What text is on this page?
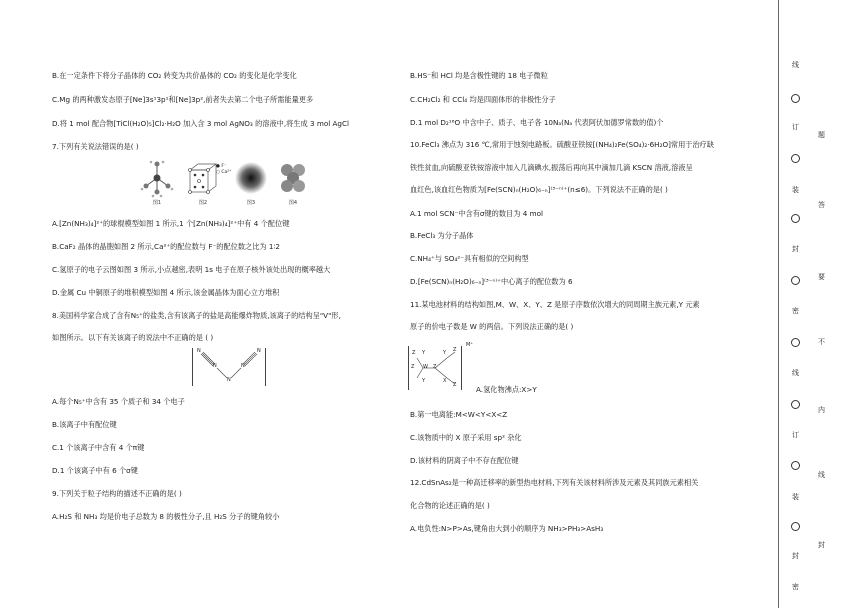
B.在一定条件下将分子晶体的 CO₂ 转变为共价晶体的 CO₂ 的变化是化学变化
C.Mg 的两种激发态原子[Ne]3s¹3p¹和[Ne]3p²,前者失去第二个电子所需能量更多
D.将 1 mol 配合物[TiCl(H₂O)₅]Cl₂·H₂O 加入含 3 mol AgNO₃ 的溶液中,将生成 3 mol AgCl
7.下列有关说法错误的是( )
● F⁻
○ Ca²⁺
图1	图2	图3	图4
A.[Zn(NH₃)₄]²⁺的球棍模型如图 1 所示,1 个[Zn(NH₃)₄]²⁺中有 4 个配位键
B.CaF₂ 晶体的晶胞如图 2 所示,Ca²⁺的配位数与 F⁻的配位数之比为 1∶2
C.氢原子的电子云图如图 3 所示,小点越密,表明 1s 电子在原子核外该处出现的概率越大
D.金属 Cu 中铜原子的堆积模型如图 4 所示,该金属晶体为面心立方堆积
8.美国科学家合成了含有N₅⁺的盐类,含有该离子的盐是高能爆炸物质,该离子的结构呈"V"形,
如图所示。以下有关该离子的说法中不正确的是 ( )
N
N
N
N
N
A.每个N₅⁺中含有 35 个质子和 34 个电子
B.该离子中有配位键
C.1 个该离子中含有 4 个π键
D.1 个该离子中有 6 个σ键
9.下列关于粒子结构的描述不正确的是( )
A.H₂S 和 NH₃ 均是价电子总数为 8 的极性分子,且 H₂S 分子的键角较小
B.HS⁻和 HCl 均是含极性键的 18 电子微粒
C.CH₂Cl₂ 和 CCl₄ 均是四面体形的非极性分子
D.1 mol D₂¹⁶O 中含中子、质子、电子各 10Nₐ(Nₐ 代表阿伏加德罗常数的值)个
10.FeCl₃ 沸点为 316 ℃,常用于蚀刻电路板。硫酸亚铁铵[(NH₄)₂Fe(SO₄)₂·6H₂O]常用于治疗缺
铁性贫血,向硫酸亚铁铵溶液中加入几滴碘水,振荡后再向其中滴加几滴 KSCN 溶液,溶液呈
血红色,该血红色物质为[Fe(SCN)ₙ(H₂O)₆₋ₙ]⁽³⁻ⁿ⁾⁺(n≤6)。下列说法不正确的是( )
A.1 mol SCN⁻中含有σ键的数目为 4 mol
B.FeCl₃ 为分子晶体
C.NH₄⁺与 SO₄²⁻具有相似的空间构型
D.[Fe(SCN)ₙ(H₂O)₆₋ₙ]⁽³⁻ⁿ⁾⁺中心离子的配位数为 6
11.某电池材料的结构如图,M、W、X、Y、Z 是原子序数依次增大的同周期主族元素,Y 元素
原子的价电子数是 W 的两倍。下列说法正确的是( )
Z Y	Y Z
Z W Z
Y	X
Z
M⁺
A.氢化物沸点:X>Y
B.第一电离能:M<W<Y<X<Z
C.该物质中的 X 原子采用 sp² 杂化
D.该材料的阴离子中不存在配位键
12.CdSnAs₂是一种高迁移率的新型热电材料,下列有关该材料所涉及元素及其同族元素相关
化合物的论述正确的是( )
A.电负性:N>P>As,键角由大到小的顺序为 NH₃>PH₃>AsH₃
线
订
装
封
密
线
订
装
封
密
题
答
要
不
内
线
封
